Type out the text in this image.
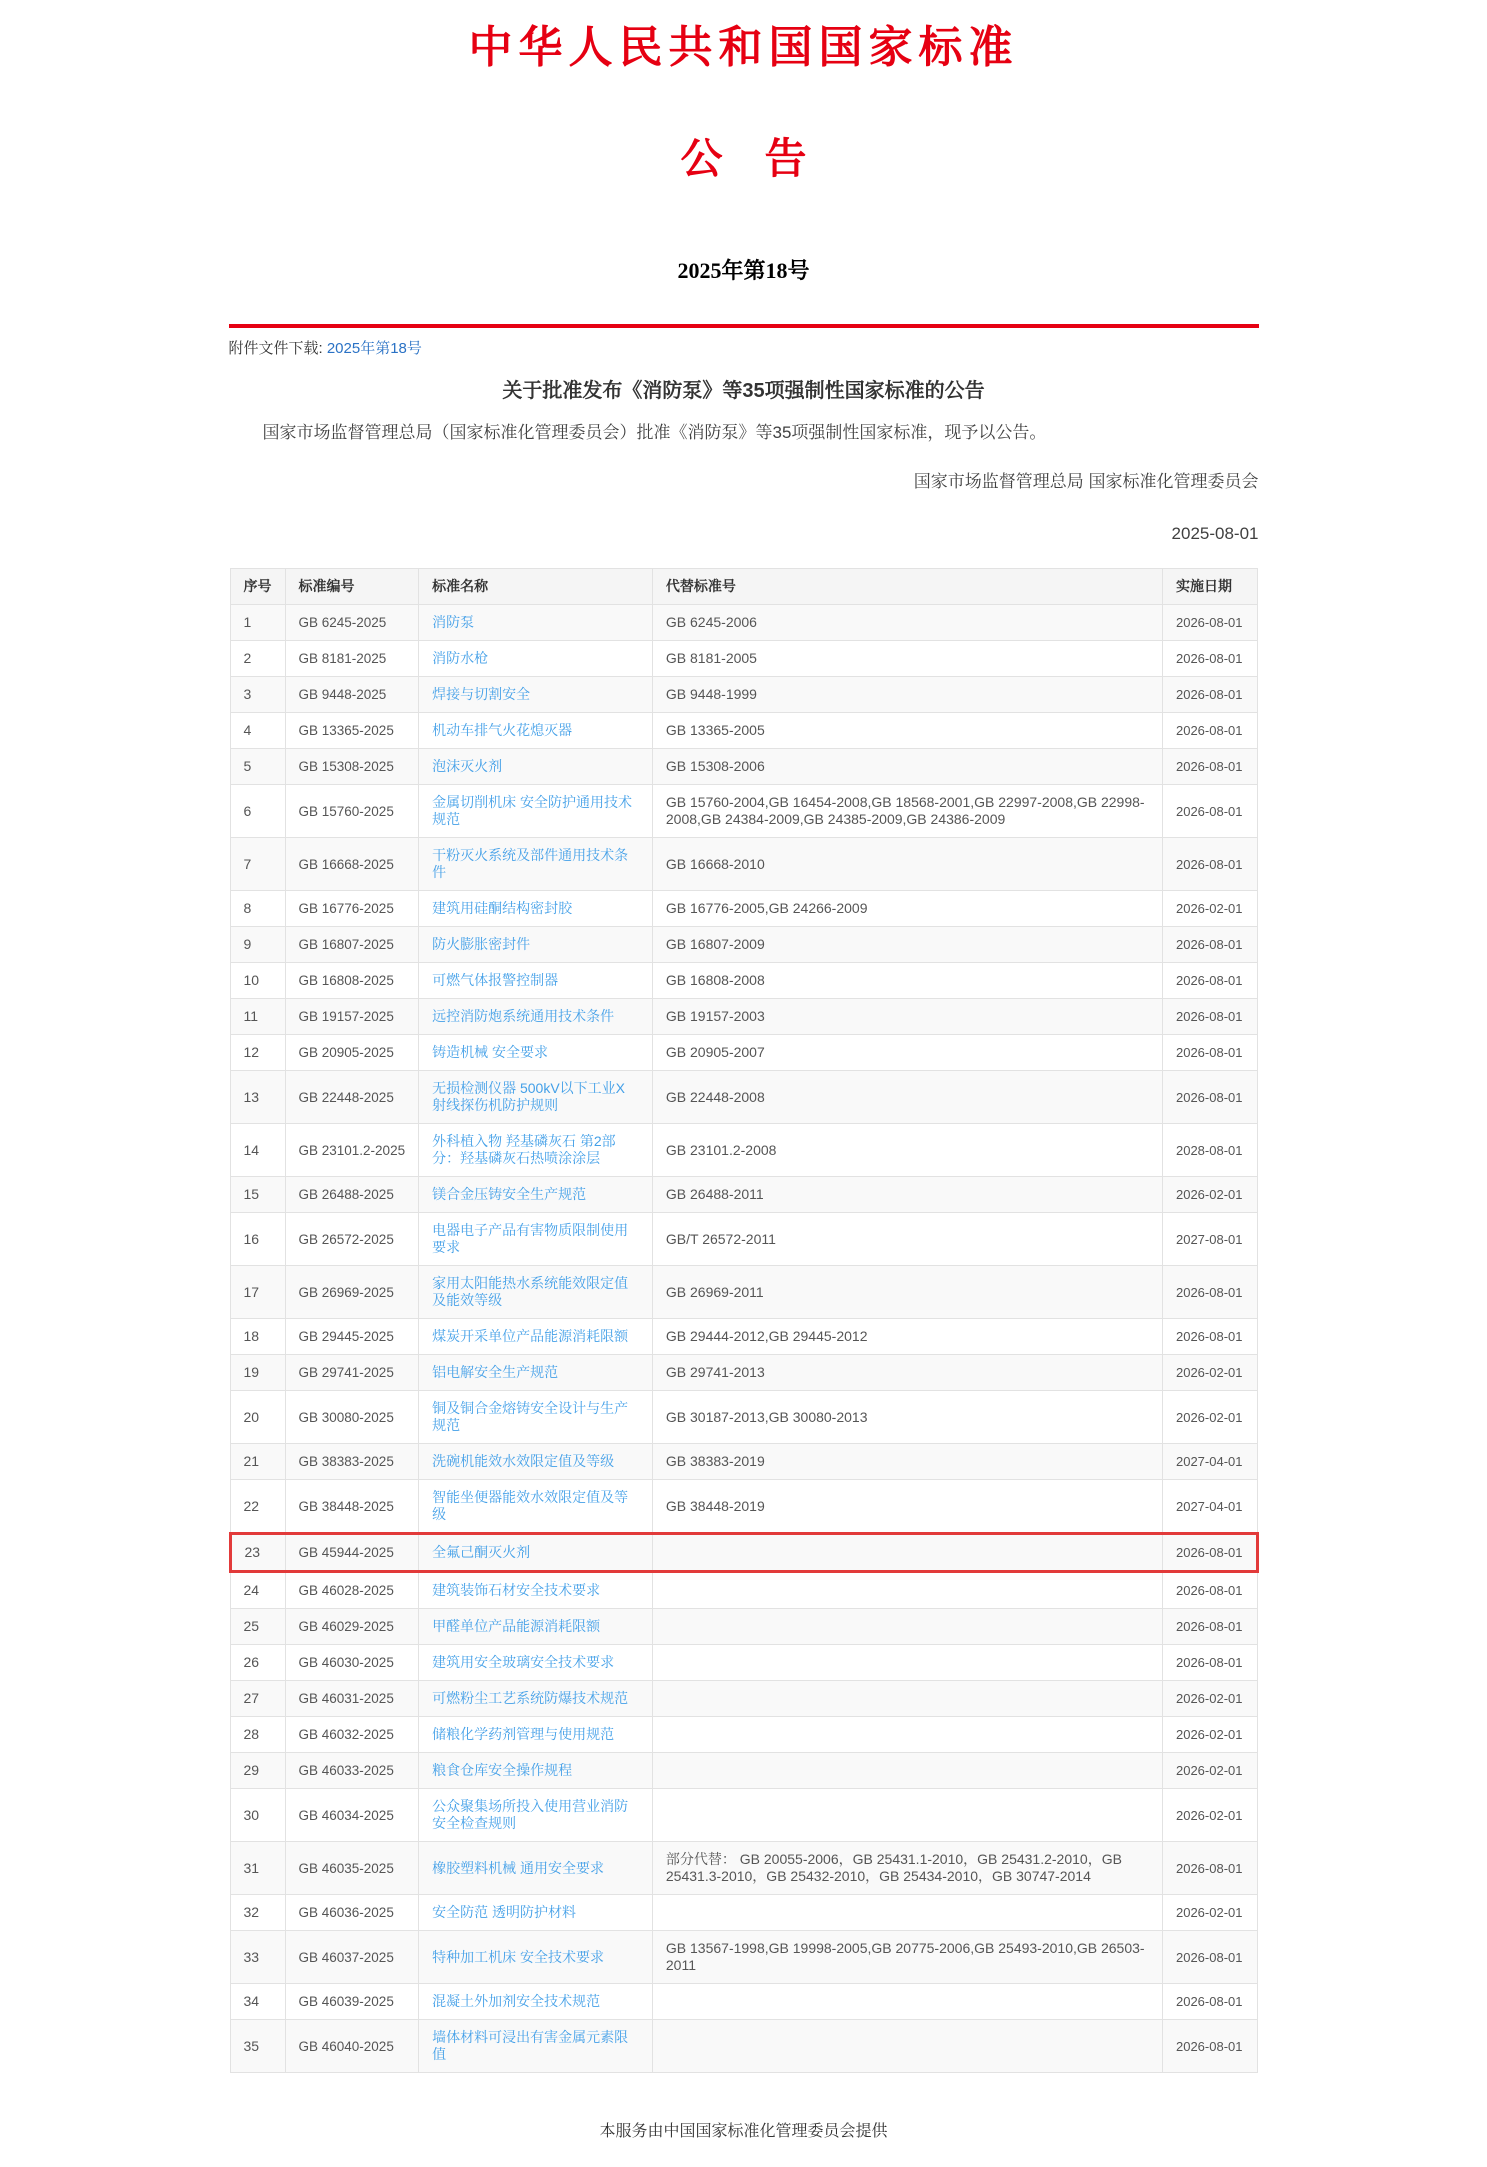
中华人民共和国国家标准
公　告
2025年第18号
附件文件下载: 2025年第18号
关于批准发布《消防泵》等35项强制性国家标准的公告

国家市场监督管理总局（国家标准化管理委员会）批准《消防泵》等35项强制性国家标准，现予以公告。

国家市场监督管理总局 国家标准化管理委员会
2025-08-01
序号	标准编号	标准名称	代替标准号	实施日期
1	GB 6245-2025	消防泵	GB 6245-2006	2026-08-01
2	GB 8181-2025	消防水枪	GB 8181-2005	2026-08-01
3	GB 9448-2025	焊接与切割安全	GB 9448-1999	2026-08-01
4	GB 13365-2025	机动车排气火花熄灭器	GB 13365-2005	2026-08-01
5	GB 15308-2025	泡沫灭火剂	GB 15308-2006	2026-08-01
6	GB 15760-2025	金属切削机床 安全防护通用技术规范	GB 15760-2004,GB 16454-2008,GB 18568-2001,GB 22997-2008,GB 22998-2008,GB 24384-2009,GB 24385-2009,GB 24386-2009	2026-08-01
7	GB 16668-2025	干粉灭火系统及部件通用技术条件	GB 16668-2010	2026-08-01
8	GB 16776-2025	建筑用硅酮结构密封胶	GB 16776-2005,GB 24266-2009	2026-02-01
9	GB 16807-2025	防火膨胀密封件	GB 16807-2009	2026-08-01
10	GB 16808-2025	可燃气体报警控制器	GB 16808-2008	2026-08-01
11	GB 19157-2025	远控消防炮系统通用技术条件	GB 19157-2003	2026-08-01
12	GB 20905-2025	铸造机械 安全要求	GB 20905-2007	2026-08-01
13	GB 22448-2025	无损检测仪器 500kV以下工业X射线探伤机防护规则	GB 22448-2008	2026-08-01
14	GB 23101.2-2025	外科植入物 羟基磷灰石 第2部分：羟基磷灰石热喷涂涂层	GB 23101.2-2008	2028-08-01
15	GB 26488-2025	镁合金压铸安全生产规范	GB 26488-2011	2026-02-01
16	GB 26572-2025	电器电子产品有害物质限制使用要求	GB/T 26572-2011	2027-08-01
17	GB 26969-2025	家用太阳能热水系统能效限定值及能效等级	GB 26969-2011	2026-08-01
18	GB 29445-2025	煤炭开采单位产品能源消耗限额	GB 29444-2012,GB 29445-2012	2026-08-01
19	GB 29741-2025	铝电解安全生产规范	GB 29741-2013	2026-02-01
20	GB 30080-2025	铜及铜合金熔铸安全设计与生产规范	GB 30187-2013,GB 30080-2013	2026-02-01
21	GB 38383-2025	洗碗机能效水效限定值及等级	GB 38383-2019	2027-04-01
22	GB 38448-2025	智能坐便器能效水效限定值及等级	GB 38448-2019	2027-04-01
23	GB 45944-2025	全氟己酮灭火剂		2026-08-01
24	GB 46028-2025	建筑装饰石材安全技术要求		2026-08-01
25	GB 46029-2025	甲醛单位产品能源消耗限额		2026-08-01
26	GB 46030-2025	建筑用安全玻璃安全技术要求		2026-08-01
27	GB 46031-2025	可燃粉尘工艺系统防爆技术规范		2026-02-01
28	GB 46032-2025	储粮化学药剂管理与使用规范		2026-02-01
29	GB 46033-2025	粮食仓库安全操作规程		2026-02-01
30	GB 46034-2025	公众聚集场所投入使用营业消防安全检查规则		2026-02-01
31	GB 46035-2025	橡胶塑料机械 通用安全要求	部分代替： GB 20055-2006，GB 25431.1-2010，GB 25431.2-2010，GB 25431.3-2010，GB 25432-2010，GB 25434-2010，GB 30747-2014	2026-08-01
32	GB 46036-2025	安全防范 透明防护材料		2026-02-01
33	GB 46037-2025	特种加工机床 安全技术要求	GB 13567-1998,GB 19998-2005,GB 20775-2006,GB 25493-2010,GB 26503-2011	2026-08-01
34	GB 46039-2025	混凝土外加剂安全技术规范		2026-08-01
35	GB 46040-2025	墙体材料可浸出有害金属元素限值		2026-08-01
本服务由中国国家标准化管理委员会提供
